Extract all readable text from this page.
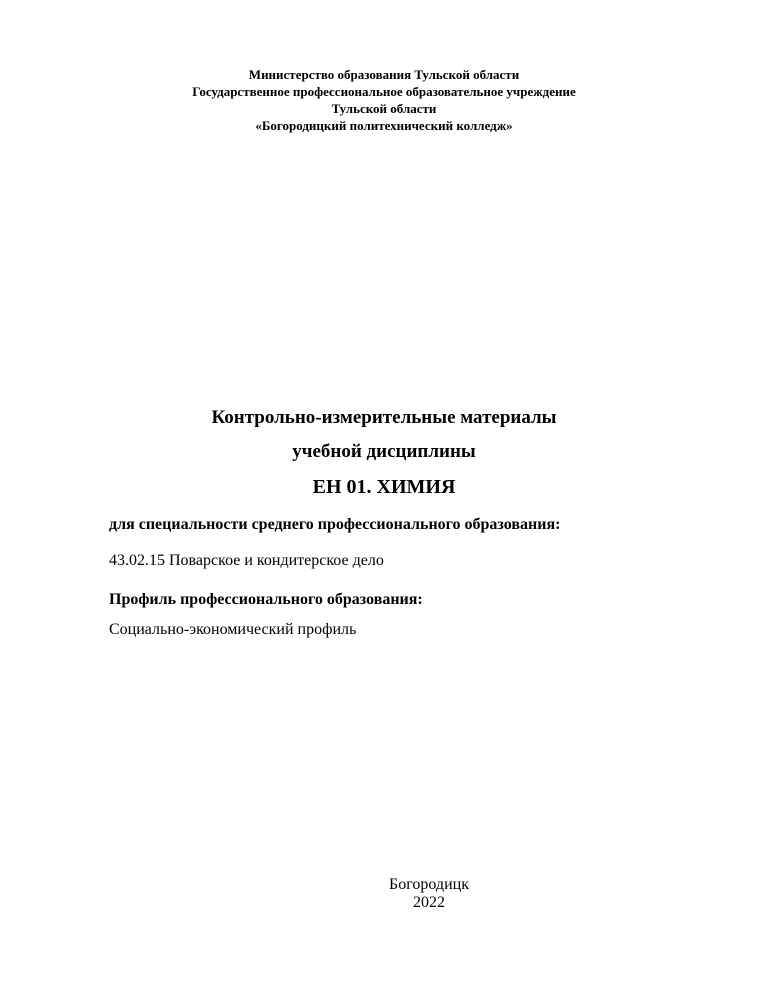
Министерство образования Тульской области
Государственное профессиональное образовательное учреждение
Тульской области
«Богородицкий политехнический колледж»
Контрольно-измерительные материалы
учебной дисциплины
ЕН 01. ХИМИЯ
для специальности среднего профессионального образования:
43.02.15 Поварское и кондитерское дело
Профиль профессионального образования:
Социально-экономический профиль
Богородицк
2022
